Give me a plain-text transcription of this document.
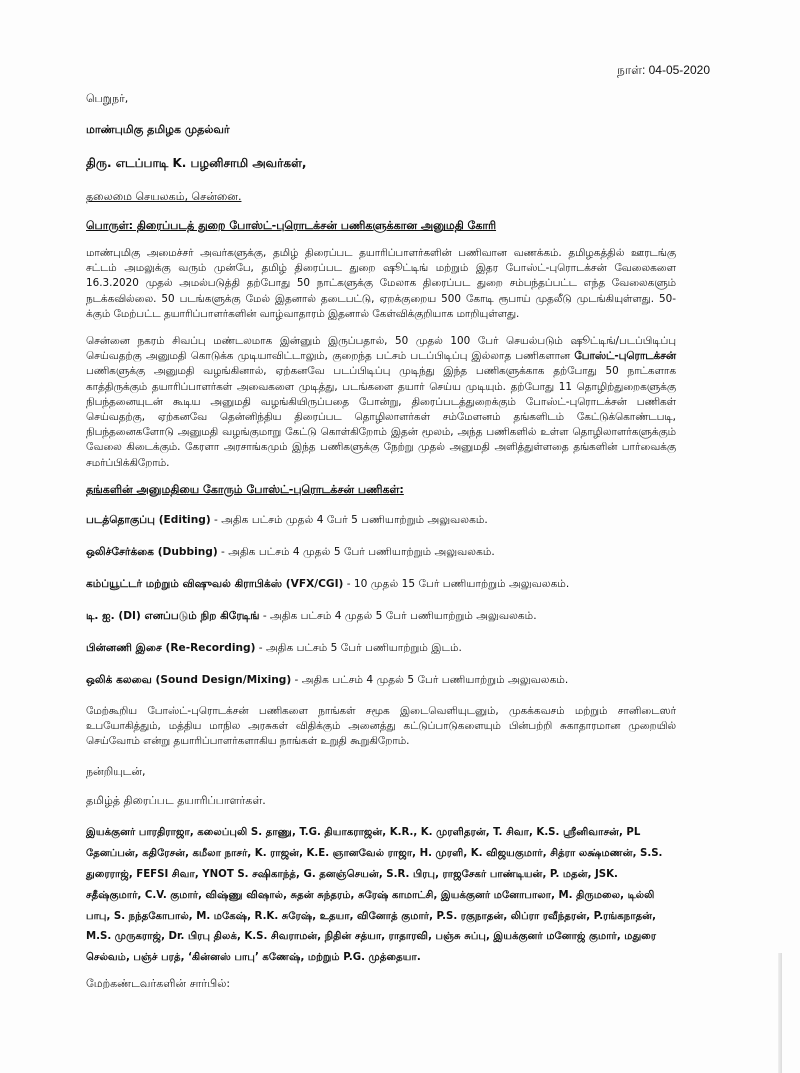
நாள்: 04-05-2020

பெறுநர்,

மாண்புமிகு தமிழக முதல்வர்

திரு. எடப்பாடி K. பழனிசாமி அவர்கள்,

தலைமை செயலகம், சென்னை.

பொருள்: திரைப்படத் துறை போஸ்ட்-புரொடக்சன் பணிகளுக்கான அனுமதி கோரி

மாண்புமிகு அமைச்சர் அவர்களுக்கு, தமிழ் திரைப்பட தயாரிப்பாளர்களின் பணிவான வணக்கம். தமிழகத்தில் ஊரடங்கு சட்டம் அமலுக்கு வரும் முன்பே, தமிழ் திரைப்பட துறை ஷூட்டிங் மற்றும் இதர போஸ்ட்-புரொடக்சன் வேலைகளை 16.3.2020 முதல் அமல்படுத்தி தற்போது 50 நாட்களுக்கு மேலாக திரைப்பட துறை சம்பந்தப்பட்ட எந்த வேலைகளும் நடக்கவில்லை. 50 படங்களுக்கு மேல் இதனால் தடைபட்டு, ஏறக்குறைய 500 கோடி ரூபாய் முதலீடு முடங்கியுள்ளது. 50-க்கும் மேற்பட்ட தயாரிப்பாளர்களின் வாழ்வாதாரம் இதனால் கேள்விக்குறியாக மாறியுள்ளது.

சென்னை நகரம் சிவப்பு மண்டலமாக இன்னும் இருப்பதால், 50 முதல் 100 பேர் செயல்படும் ஷூட்டிங்/படப்பிடிப்பு செய்வதற்கு அனுமதி கொடுக்க முடியாவிட்டாலும், குறைந்த பட்சம் படப்பிடிப்பு இல்லாத பணிகளான போஸ்ட்-புரொடக்சன் பணிகளுக்கு அனுமதி வழங்கினால், ஏற்கனவே படப்பிடிப்பு முடிந்து இந்த பணிகளுக்காக தற்போது 50 நாட்களாக காத்திருக்கும் தயாரிப்பாளர்கள் அவைகளை முடித்து, படங்களை தயார் செய்ய முடியும். தற்போது 11 தொழிற்துறைகளுக்கு நிபந்தனையுடன் கூடிய அனுமதி வழங்கியிருப்பதை போன்று, திரைப்படத்துறைக்கும் போஸ்ட்-புரொடக்சன் பணிகள் செய்வதற்கு, ஏற்கனவே தென்னிந்திய திரைப்பட தொழிலாளர்கள் சம்மேளனம் தங்களிடம் கேட்டுக்கொண்டபடி, நிபந்தனைகளோடு அனுமதி வழங்குமாறு கேட்டு கொள்கிறோம் இதன் மூலம், அந்த பணிகளில் உள்ள தொழிலாளர்களுக்கும் வேலை கிடைக்கும். கேரளா அரசாங்கமும் இந்த பணிகளுக்கு நேற்று முதல் அனுமதி அளித்துள்ளதை தங்களின் பார்வைக்கு சமர்ப்பிக்கிறோம்.

தங்களின் அனுமதியை கோரும் போஸ்ட்-புரொடக்சன் பணிகள்:

படத்தொகுப்பு (Editing) - அதிக பட்சம் முதல் 4 பேர் 5 பணியாற்றும் அலுவலகம்.

ஒலிச்சேர்க்கை (Dubbing) - அதிக பட்சம் 4 முதல் 5 பேர் பணியாற்றும் அலுவலகம்.

கம்ப்யூட்டர் மற்றும் விஷுவல் கிராபிக்ஸ் (VFX/CGI) - 10 முதல் 15 பேர் பணியாற்றும் அலுவலகம்.

டி. ஐ. (DI) எனப்படும் நிற கிரேடிங் - அதிக பட்சம் 4 முதல் 5 பேர் பணியாற்றும் அலுவலகம்.

பின்னணி இசை (Re-Recording) - அதிக பட்சம் 5 பேர் பணியாற்றும் இடம்.

ஒலிக் கலவை (Sound Design/Mixing) - அதிக பட்சம் 4 முதல் 5 பேர் பணியாற்றும் அலுவலகம்.

மேற்கூறிய போஸ்ட்-புரொடக்சன் பணிகளை நாங்கள் சமூக இடைவெளியுடனும், முகக்கவசம் மற்றும் சானிடைஸர் உபயோகித்தும், மத்திய மாநில அரசுகள் விதிக்கும் அனைத்து கட்டுப்பாடுகளையும் பின்பற்றி சுகாதாரமான முறையில் செய்வோம் என்று தயாரிப்பாளர்களாகிய நாங்கள் உறுதி கூறுகிறோம்.

நன்றியுடன்,

தமிழ்த் திரைப்பட தயாரிப்பாளர்கள்.

இயக்குனர் பாரதிராஜா, கலைப்புலி S. தாணு, T.G. தியாகராஜன், K.R., K. முரளிதரன், T. சிவா, K.S. ஸ்ரீனிவாசன், PL தேனப்பன், கதிரேசன், கமீலா நாசர், K. ராஜன், K.E. ஞானவேல் ராஜா, H. முரளி, K. விஜயகுமார், சித்ரா லக்ஷ்மணன், S.S. துரைராஜ், FEFSI சிவா, YNOT S. சஷிகாந்த், G. தனஞ்செயன், S.R. பிரபு, ராஜசேகர் பாண்டியன், P. மதன், JSK. சதீஷ்குமார், C.V. குமார், விஷ்ணு விஷால், சுதன் சுந்தரம், சுரேஷ் காமாட்சி, இயக்குனர் மனோபாலா, M. திருமலை, டில்லி பாபு, S. நந்தகோபால், M. மகேஷ், R.K. சுரேஷ், உதயா, வினோத் குமார், P.S. ரகுநாதன், லிப்ரா ரவீந்தரன், P.ரங்கநாதன், M.S. முருகராஜ், Dr. பிரபு திலக், K.S. சிவராமன், நிதின் சத்யா, ராதாரவி, பஞ்சு சுப்பு, இயக்குனர் மனோஜ் குமார், மதுரை செல்வம், பஞ்ச் பரத், ‘கின்னஸ் பாபு’ கணேஷ், மற்றும் P.G. முத்தையா.

மேற்கண்டவர்களின் சார்பில்:
